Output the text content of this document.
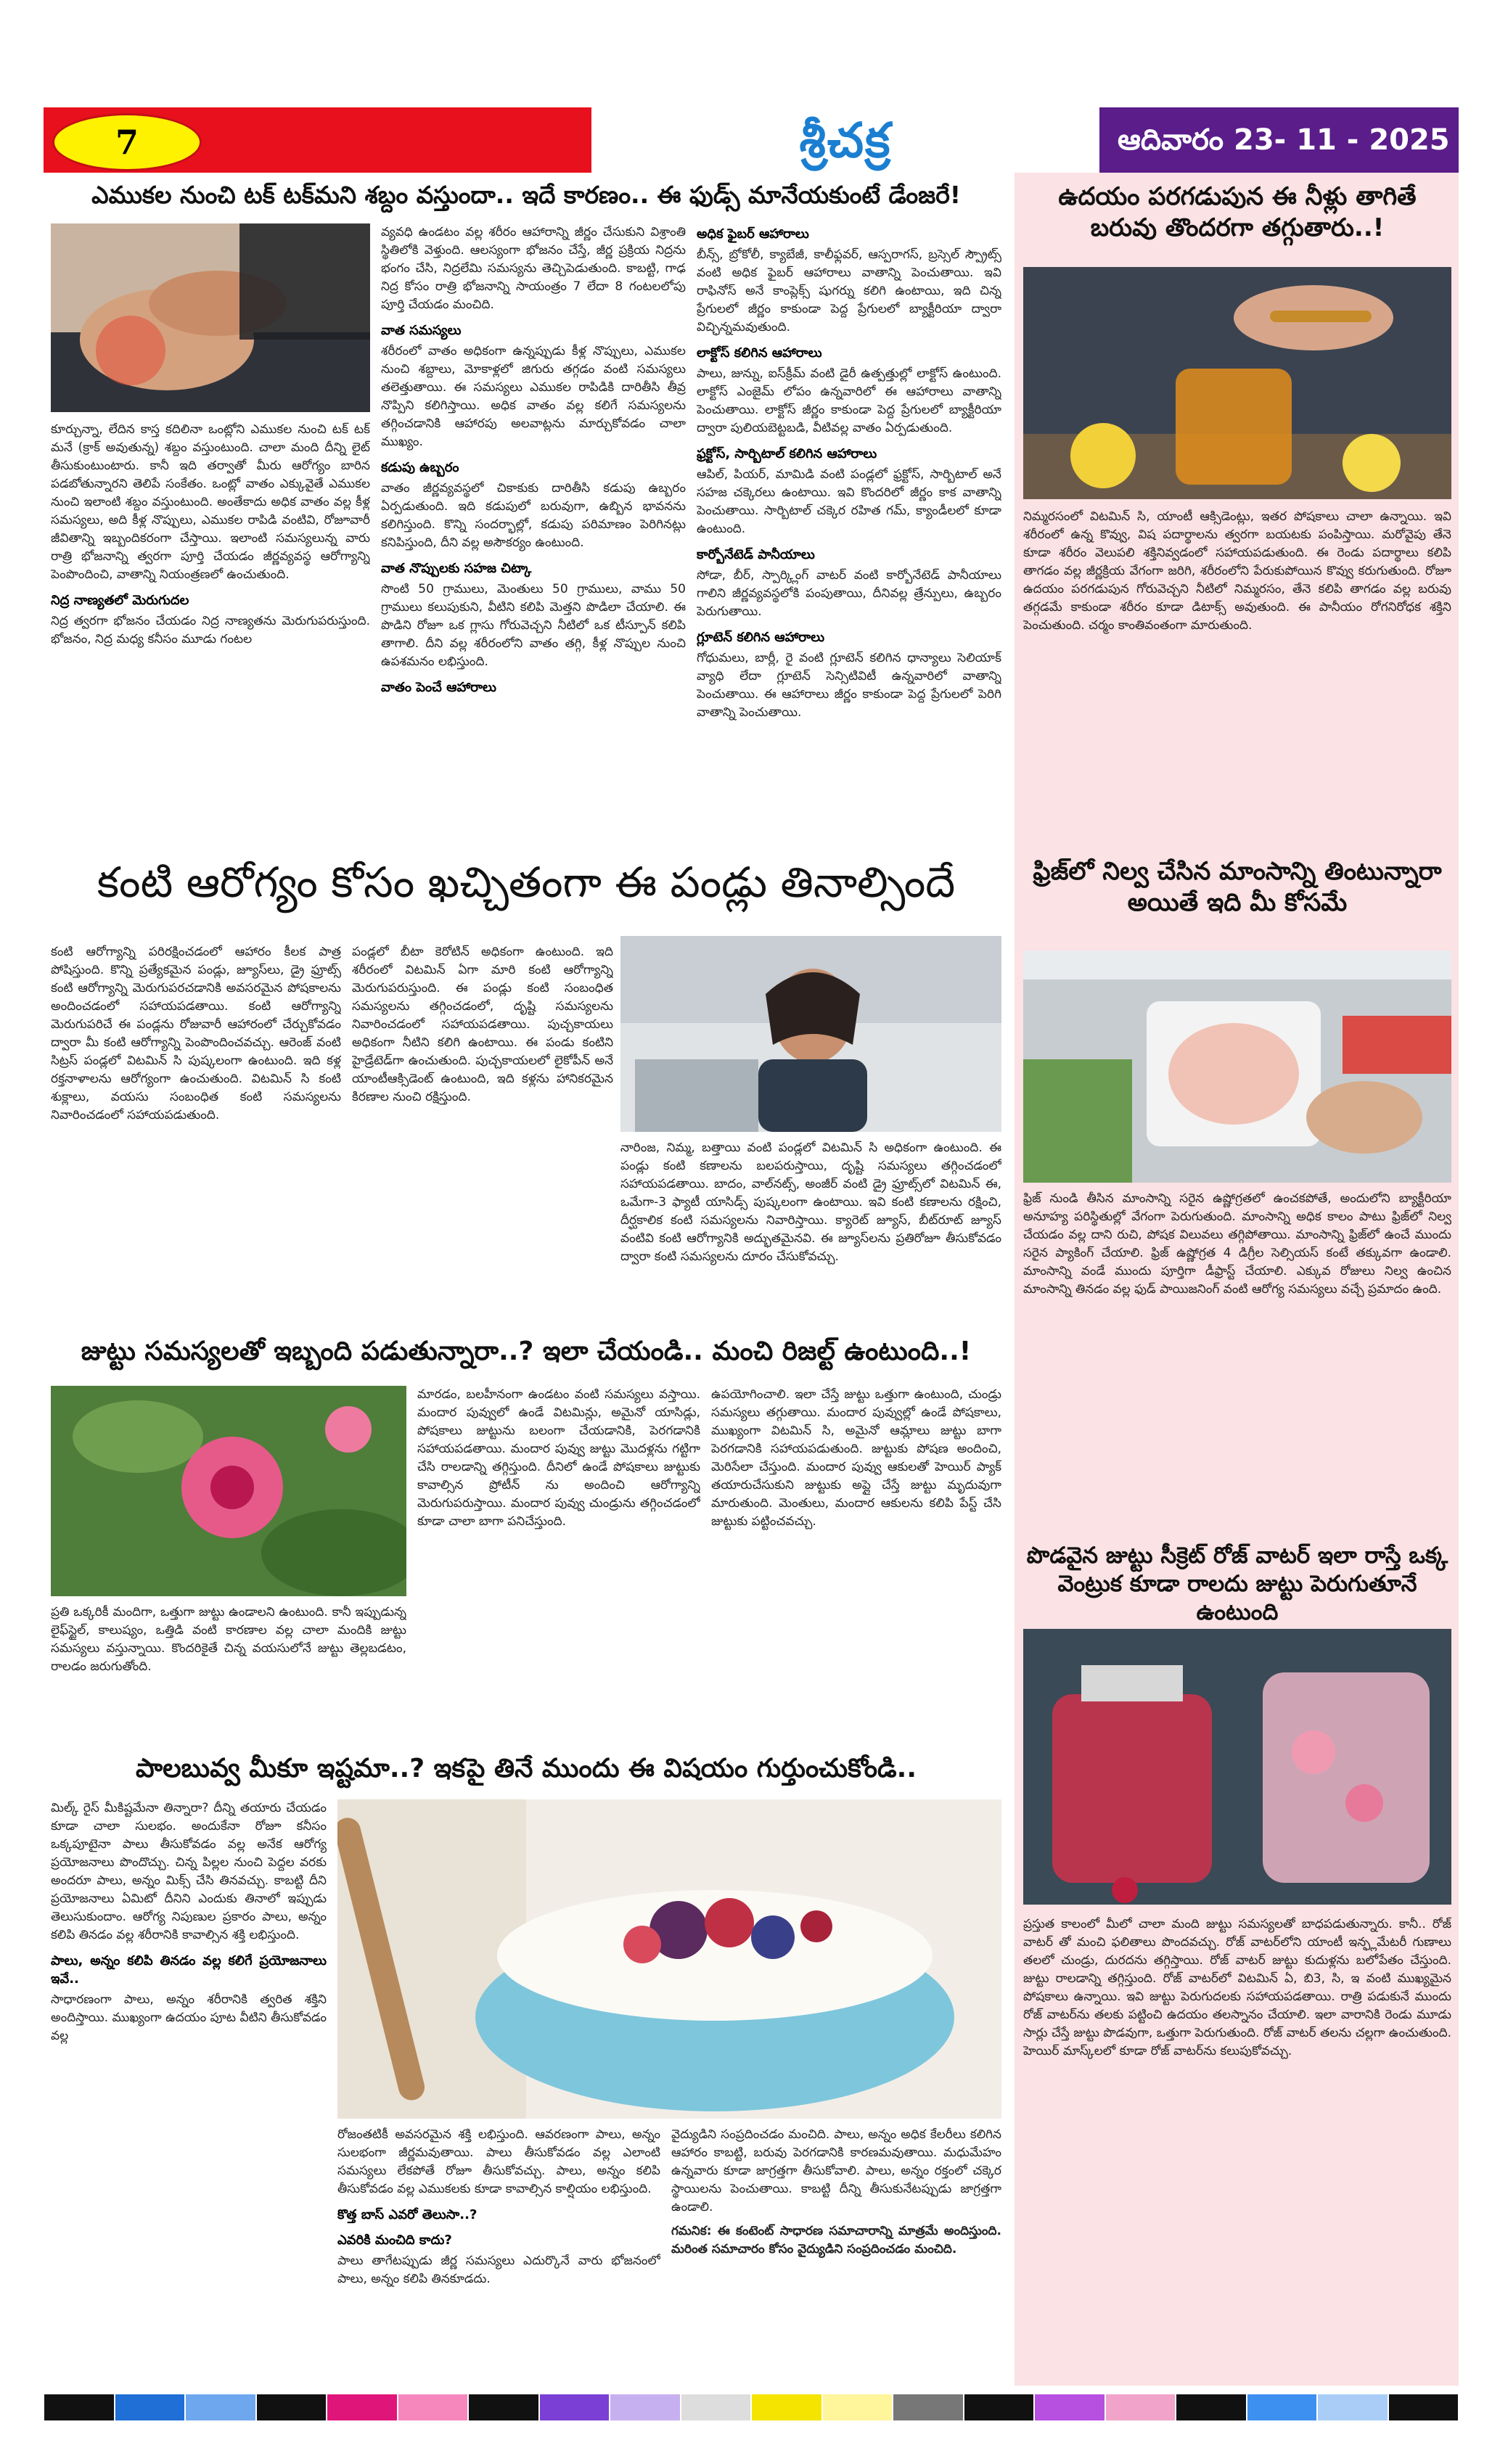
7	శ్రీచక్ర	ఆదివారం 23- 11 - 2025
ఎముకల నుంచి టక్ టక్‌మని శబ్దం వస్తుందా.. ఇదే కారణం.. ఈ ఫుడ్స్ మానేయకుంటే డేంజరే!
కూర్చున్నా, లేదిన కాస్త కదిలినా ఒంట్లోని ఎముకల నుంచి టక్ టక్ మనే (క్రాక్ అవుతున్న) శబ్దం వస్తుంటుంది. చాలా మంది దీన్ని లైట్ తీసుకుంటుంటారు. కానీ ఇది తర్వాతో మీరు ఆరోగ్యం బారిన పడబోతున్నారని తెలిపే సంకేతం. ఒంట్లో వాతం ఎక్కువైతే ఎముకల నుంచి ఇలాంటి శబ్దం వస్తుంటుంది. అంతేకాదు అధిక వాతం వల్ల కీళ్ల సమస్యలు, అది కీళ్ల నొప్పులు, ఎముకల రాపిడి వంటివి, రోజూవారీ జీవితాన్ని ఇబ్బందికరంగా చేస్తాయి. ఇలాంటి సమస్యలున్న వారు రాత్రి భోజనాన్ని త్వరగా పూర్తి చేయడం జీర్ణవ్యవస్థ ఆరోగ్యాన్ని పెంపొందించి, వాతాన్ని నియంత్రణలో ఉంచుతుంది.
నిద్ర నాణ్యతలో మెరుగుదల
నిద్ర త్వరగా భోజనం చేయడం నిద్ర నాణ్యతను మెరుగుపరుస్తుంది. భోజనం, నిద్ర మధ్య కనీసం మూడు గంటల
వ్యవధి ఉండటం వల్ల శరీరం ఆహారాన్ని జీర్ణం చేసుకుని విశ్రాంతి స్థితిలోకి వెళ్తుంది. ఆలస్యంగా భోజనం చేస్తే, జీర్ణ ప్రక్రియ నిద్రను భంగం చేసి, నిద్రలేమి సమస్యను తెచ్చిపెడుతుంది. కాబట్టి, గాఢ నిద్ర కోసం రాత్రి భోజనాన్ని సాయంత్రం 7 లేదా 8 గంటలలోపు పూర్తి చేయడం మంచిది.
వాత సమస్యలు
శరీరంలో వాతం అధికంగా ఉన్నప్పుడు కీళ్ల నొప్పులు, ఎముకల నుంచి శబ్దాలు, మోకాళ్లలో జిగురు తగ్గడం వంటి సమస్యలు తలెత్తుతాయి. ఈ సమస్యలు ఎముకల రాపిడికి దారితీసి తీవ్ర నొప్పిని కలిగిస్తాయి. అధిక వాతం వల్ల కలిగే సమస్యలను తగ్గించడానికి ఆహారపు అలవాట్లను మార్చుకోవడం చాలా ముఖ్యం.
కడుపు ఉబ్బరం
వాతం జీర్ణవ్యవస్థలో చికాకుకు దారితీసి కడుపు ఉబ్బరం ఏర్పడుతుంది. ఇది కడుపులో బరువుగా, ఉబ్బిన భావనను కలిగిస్తుంది. కొన్ని సందర్భాల్లో, కడుపు పరిమాణం పెరిగినట్లు కనిపిస్తుంది, దీని వల్ల అసౌకర్యం ఉంటుంది.
వాత నొప్పులకు సహజ చిట్కా
సొంటి 50 గ్రాములు, మెంతులు 50 గ్రాములు, వాము 50 గ్రాములు కలుపుకుని, వీటిని కలిపి మెత్తని పొడిలా చేయాలి. ఈ పొడిని రోజూ ఒక గ్లాసు గోరువెచ్చని నీటిలో ఒక టీస్పూన్ కలిపి తాగాలి. దీని వల్ల శరీరంలోని వాతం తగ్గి, కీళ్ల నొప్పుల నుంచి ఉపశమనం లభిస్తుంది.
వాతం పెంచే ఆహారాలు
అధిక ఫైబర్ ఆహారాలు
బీన్స్, బ్రోకోలీ, క్యాబేజీ, కాలీఫ్లవర్, ఆస్పరాగస్, బ్రస్సెల్ స్ప్రౌట్స్ వంటి అధిక ఫైబర్ ఆహారాలు వాతాన్ని పెంచుతాయి. ఇవి రాఫినోస్ అనే కాంప్లెక్స్ షుగర్ను కలిగి ఉంటాయి, ఇది చిన్న ప్రేగులలో జీర్ణం కాకుండా పెద్ద ప్రేగులలో బ్యాక్టీరియా ద్వారా విచ్ఛిన్నమవుతుంది.
లాక్టోస్ కలిగిన ఆహారాలు
పాలు, జున్ను, ఐస్‌క్రీమ్ వంటి డైరీ ఉత్పత్తుల్లో లాక్టోస్ ఉంటుంది. లాక్టోస్ ఎంజైమ్ లోపం ఉన్నవారిలో ఈ ఆహారాలు వాతాన్ని పెంచుతాయి. లాక్టోస్ జీర్ణం కాకుండా పెద్ద ప్రేగులలో బ్యాక్టీరియా ద్వారా పులియబెట్టబడి, వీటివల్ల వాతం ఏర్పడుతుంది.
ఫ్రక్టోస్, సార్బిటాల్ కలిగిన ఆహారాలు
ఆపిల్, పియర్, మామిడి వంటి పండ్లలో ఫ్రక్టోస్, సార్బిటాల్ అనే సహజ చక్కెరలు ఉంటాయి. ఇవి కొందరిలో జీర్ణం కాక వాతాన్ని పెంచుతాయి. సార్బిటాల్ చక్కెర రహిత గమ్, క్యాండీలలో కూడా ఉంటుంది.
కార్బోనేటెడ్ పానీయాలు
సోడా, బీర్, స్పార్క్లింగ్ వాటర్ వంటి కార్బోనేటెడ్ పానీయాలు గాలిని జీర్ణవ్యవస్థలోకి పంపుతాయి, దీనివల్ల త్రేన్పులు, ఉబ్బరం పెరుగుతాయి.
గ్లూటెన్ కలిగిన ఆహారాలు
గోధుమలు, బార్లీ, రై వంటి గ్లూటెన్ కలిగిన ధాన్యాలు సెలియాక్ వ్యాధి లేదా గ్లూటెన్ సెన్సిటివిటీ ఉన్నవారిలో వాతాన్ని పెంచుతాయి. ఈ ఆహారాలు జీర్ణం కాకుండా పెద్ద ప్రేగులలో పెరిగి వాతాన్ని పెంచుతాయి.
కంటి ఆరోగ్యం కోసం ఖచ్చితంగా ఈ పండ్లు తినాల్సిందే
కంటి ఆరోగ్యాన్ని పరిరక్షించడంలో ఆహారం కీలక పాత్ర పోషిస్తుంది. కొన్ని ప్రత్యేకమైన పండ్లు, జ్యూస్‌లు, డ్రై ఫ్రూట్స్ కంటి ఆరోగ్యాన్ని మెరుగుపరచడానికి అవసరమైన పోషకాలను అందించడంలో సహాయపడతాయి. కంటి ఆరోగ్యాన్ని మెరుగుపరిచే ఈ పండ్లను రోజువారీ ఆహారంలో చేర్చుకోవడం ద్వారా మీ కంటి ఆరోగ్యాన్ని పెంపొందించవచ్చు. ఆరెంజ్ వంటి సిట్రస్ పండ్లలో విటమిన్ సి పుష్కలంగా ఉంటుంది. ఇది కళ్ల రక్తనాళాలను ఆరోగ్యంగా ఉంచుతుంది. విటమిన్ సి కంటి శుక్లాలు, వయసు సంబంధిత కంటి సమస్యలను నివారించడంలో సహాయపడుతుంది.
పండ్లలో బీటా కెరోటిన్ అధికంగా ఉంటుంది. ఇది శరీరంలో విటమిన్ ఏగా మారి కంటి ఆరోగ్యాన్ని మెరుగుపరుస్తుంది. ఈ పండ్లు కంటి సంబంధిత సమస్యలను తగ్గించడంలో, దృష్టి సమస్యలను నివారించడంలో సహాయపడతాయి. పుచ్చకాయలు అధికంగా నీటిని కలిగి ఉంటాయి. ఈ పండు కంటిని హైడ్రేటెడ్‌గా ఉంచుతుంది. పుచ్చకాయలలో లైకోపీన్ అనే యాంటీఆక్సిడెంట్ ఉంటుంది, ఇది కళ్లను హానికరమైన కిరణాల నుంచి రక్షిస్తుంది.
నారింజ, నిమ్మ, బత్తాయి వంటి పండ్లలో విటమిన్ సి అధికంగా ఉంటుంది. ఈ పండ్లు కంటి కణాలను బలపరుస్తాయి, దృష్టి సమస్యలు తగ్గించడంలో సహాయపడతాయి. బాదం, వాల్‌నట్స్, అంజీర్ వంటి డ్రై ఫ్రూట్స్‌లో విటమిన్ ఈ, ఒమేగా-3 ఫ్యాటీ యాసిడ్స్ పుష్కలంగా ఉంటాయి. ఇవి కంటి కణాలను రక్షించి, దీర్ఘకాలిక కంటి సమస్యలను నివారిస్తాయి. క్యారెట్ జ్యూస్, బీట్‌రూట్ జ్యూస్ వంటివి కంటి ఆరోగ్యానికి అద్భుతమైనవి. ఈ జ్యూస్‌లను ప్రతిరోజూ తీసుకోవడం ద్వారా కంటి సమస్యలను దూరం చేసుకోవచ్చు.
జుట్టు సమస్యలతో ఇబ్బంది పడుతున్నారా..? ఇలా చేయండి.. మంచి రిజల్ట్ ఉంటుంది..!
ప్రతి ఒక్కరికీ మందిగా, ఒత్తుగా జుట్టు ఉండాలని ఉంటుంది. కానీ ఇప్పుడున్న లైఫ్‌స్టైల్, కాలుష్యం, ఒత్తిడి వంటి కారణాల వల్ల చాలా మందికి జుట్టు సమస్యలు వస్తున్నాయి. కొందరికైతే చిన్న వయసులోనే జుట్టు తెల్లబడటం, రాలడం జరుగుతోంది.
మారడం, బలహీనంగా ఉండటం వంటి సమస్యలు వస్తాయి. మందార పువ్వులో ఉండే విటమిన్లు, అమైనో యాసిడ్లు, పోషకాలు జుట్టును బలంగా చేయడానికి, పెరగడానికి సహాయపడతాయి. మందార పువ్వు జుట్టు మొదళ్లను గట్టిగా చేసి రాలడాన్ని తగ్గిస్తుంది. దీనిలో ఉండే పోషకాలు జుట్టుకు కావాల్సిన ప్రోటీన్ ను అందించి ఆరోగ్యాన్ని మెరుగుపరుస్తాయి. మందార పువ్వు చుండ్రును తగ్గించడంలో కూడా చాలా బాగా పనిచేస్తుంది.
ఉపయోగించాలి. ఇలా చేస్తే జుట్టు ఒత్తుగా ఉంటుంది, చుండ్రు సమస్యలు తగ్గుతాయి. మందార పువ్వుల్లో ఉండే పోషకాలు, ముఖ్యంగా విటమిన్ సి, అమైనో ఆమ్లాలు జుట్టు బాగా పెరగడానికి సహాయపడుతుంది. జుట్టుకు పోషణ అందించి, మెరిసేలా చేస్తుంది. మందార పువ్వు ఆకులతో హెయిర్ ప్యాక్ తయారుచేసుకుని జుట్టుకు అప్లై చేస్తే జుట్టు మృదువుగా మారుతుంది. మెంతులు, మందార ఆకులను కలిపి పేస్ట్ చేసి జుట్టుకు పట్టించవచ్చు.
పాలబువ్వ మీకూ ఇష్టమా..? ఇకపై తినే ముందు ఈ విషయం గుర్తుంచుకోండి..
మిల్క్ రైస్ మీకిష్టమేనా తిన్నారా? దీన్ని తయారు చేయడం కూడా చాలా సులభం. అందుకేనా రోజూ కనీసం ఒక్కపూటైనా పాలు తీసుకోవడం వల్ల అనేక ఆరోగ్య ప్రయోజనాలు పొందొచ్చు. చిన్న పిల్లల నుంచి పెద్దల వరకు అందరూ పాలు, అన్నం మిక్స్ చేసి తినవచ్చు. కాబట్టి దీని ప్రయోజనాలు ఏమిటో దీనిని ఎందుకు తినాలో ఇప్పుడు తెలుసుకుందాం. ఆరోగ్య నిపుణుల ప్రకారం పాలు, అన్నం కలిపి తినడం వల్ల శరీరానికి కావాల్సిన శక్తి లభిస్తుంది.
పాలు, అన్నం కలిపి తినడం వల్ల కలిగే ప్రయోజనాలు ఇవే..
సాధారణంగా పాలు, అన్నం శరీరానికి త్వరిత శక్తిని అందిస్తాయి. ముఖ్యంగా ఉదయం పూట వీటిని తీసుకోవడం వల్ల
రోజంతటికీ అవసరమైన శక్తి లభిస్తుంది. ఆవరణంగా పాలు, అన్నం సులభంగా జీర్ణమవుతాయి. పాలు తీసుకోవడం వల్ల ఎలాంటి సమస్యలు లేకపోతే రోజూ తీసుకోవచ్చు. పాలు, అన్నం కలిపి తీసుకోవడం వల్ల ఎముకలకు కూడా కావాల్సిన కాల్షియం లభిస్తుంది.
కొత్త బాస్ ఎవరో తెలుసా..?
ఎవరికి మంచిది కాదు?
పాలు తాగేటప్పుడు జీర్ణ సమస్యలు ఎదుర్కొనే వారు భోజనంలో పాలు, అన్నం కలిపి తినకూడదు.
వైద్యుడిని సంప్రదించడం మంచిది. పాలు, అన్నం అధిక కేలరీలు కలిగిన ఆహారం కాబట్టి, బరువు పెరగడానికి కారణమవుతాయి. మధుమేహం ఉన్నవారు కూడా జాగ్రత్తగా తీసుకోవాలి. పాలు, అన్నం రక్తంలో చక్కెర స్థాయిలను పెంచుతాయి. కాబట్టి దీన్ని తీసుకునేటప్పుడు జాగ్రత్తగా ఉండాలి.
గమనిక: ఈ కంటెంట్ సాధారణ సమాచారాన్ని మాత్రమే అందిస్తుంది. మరింత సమాచారం కోసం వైద్యుడిని సంప్రదించడం మంచిది.
ఉదయం పరగడుపున ఈ నీళ్లు తాగితే బరువు తొందరగా తగ్గుతారు..!
నిమ్మరసంలో విటమిన్ సి, యాంటీ ఆక్సిడెంట్లు, ఇతర పోషకాలు చాలా ఉన్నాయి. ఇవి శరీరంలో ఉన్న కొవ్వు, విష పదార్థాలను త్వరగా బయటకు పంపిస్తాయి. మరోవైపు తేనె కూడా శరీరం వెలుపలి శక్తినివ్వడంలో సహాయపడుతుంది. ఈ రెండు పదార్థాలు కలిపి తాగడం వల్ల జీర్ణక్రియ వేగంగా జరిగి, శరీరంలోని పేరుకుపోయిన కొవ్వు కరుగుతుంది. రోజూ ఉదయం పరగడుపున గోరువెచ్చని నీటిలో నిమ్మరసం, తేనె కలిపి తాగడం వల్ల బరువు తగ్గడమే కాకుండా శరీరం కూడా డిటాక్స్ అవుతుంది. ఈ పానీయం రోగనిరోధక శక్తిని పెంచుతుంది. చర్మం కాంతివంతంగా మారుతుంది.
ఫ్రిజ్‌లో నిల్వ చేసిన మాంసాన్ని తింటున్నారా అయితే ఇది మీ కోసమే
ఫ్రిజ్ నుండి తీసిన మాంసాన్ని సరైన ఉష్ణోగ్రతలో ఉంచకపోతే, అందులోని బ్యాక్టీరియా అనూహ్య పరిస్థితుల్లో వేగంగా పెరుగుతుంది. మాంసాన్ని అధిక కాలం పాటు ఫ్రిజ్‌లో నిల్వ చేయడం వల్ల దాని రుచి, పోషక విలువలు తగ్గిపోతాయి. మాంసాన్ని ఫ్రిజ్‌లో ఉంచే ముందు సరైన ప్యాకింగ్ చేయాలి. ఫ్రిజ్ ఉష్ణోగ్రత 4 డిగ్రీల సెల్సియస్ కంటే తక్కువగా ఉండాలి. మాంసాన్ని వండే ముందు పూర్తిగా డీఫ్రాస్ట్ చేయాలి. ఎక్కువ రోజులు నిల్వ ఉంచిన మాంసాన్ని తినడం వల్ల ఫుడ్ పాయిజనింగ్ వంటి ఆరోగ్య సమస్యలు వచ్చే ప్రమాదం ఉంది.
పొడవైన జుట్టు సీక్రెట్ రోజ్ వాటర్ ఇలా రాస్తే ఒక్క వెంట్రుక కూడా రాలదు జుట్టు పెరుగుతూనే ఉంటుంది
ప్రస్తుత కాలంలో మీలో చాలా మంది జుట్టు సమస్యలతో బాధపడుతున్నారు. కానీ.. రోజ్ వాటర్ తో మంచి ఫలితాలు పొందవచ్చు. రోజ్ వాటర్‌లోని యాంటీ ఇన్ఫ్లమేటరీ గుణాలు తలలో చుండ్రు, దురదను తగ్గిస్తాయి. రోజ్ వాటర్ జుట్టు కుదుళ్లను బలోపేతం చేస్తుంది. జుట్టు రాలడాన్ని తగ్గిస్తుంది. రోజ్ వాటర్‌లో విటమిన్ ఏ, బి3, సి, ఇ వంటి ముఖ్యమైన పోషకాలు ఉన్నాయి. ఇవి జుట్టు పెరుగుదలకు సహాయపడతాయి. రాత్రి పడుకునే ముందు రోజ్ వాటర్‌ను తలకు పట్టించి ఉదయం తలస్నానం చేయాలి. ఇలా వారానికి రెండు మూడు సార్లు చేస్తే జుట్టు పొడవుగా, ఒత్తుగా పెరుగుతుంది. రోజ్ వాటర్ తలను చల్లగా ఉంచుతుంది. హెయిర్ మాస్క్‌లలో కూడా రోజ్ వాటర్‌ను కలుపుకోవచ్చు.
